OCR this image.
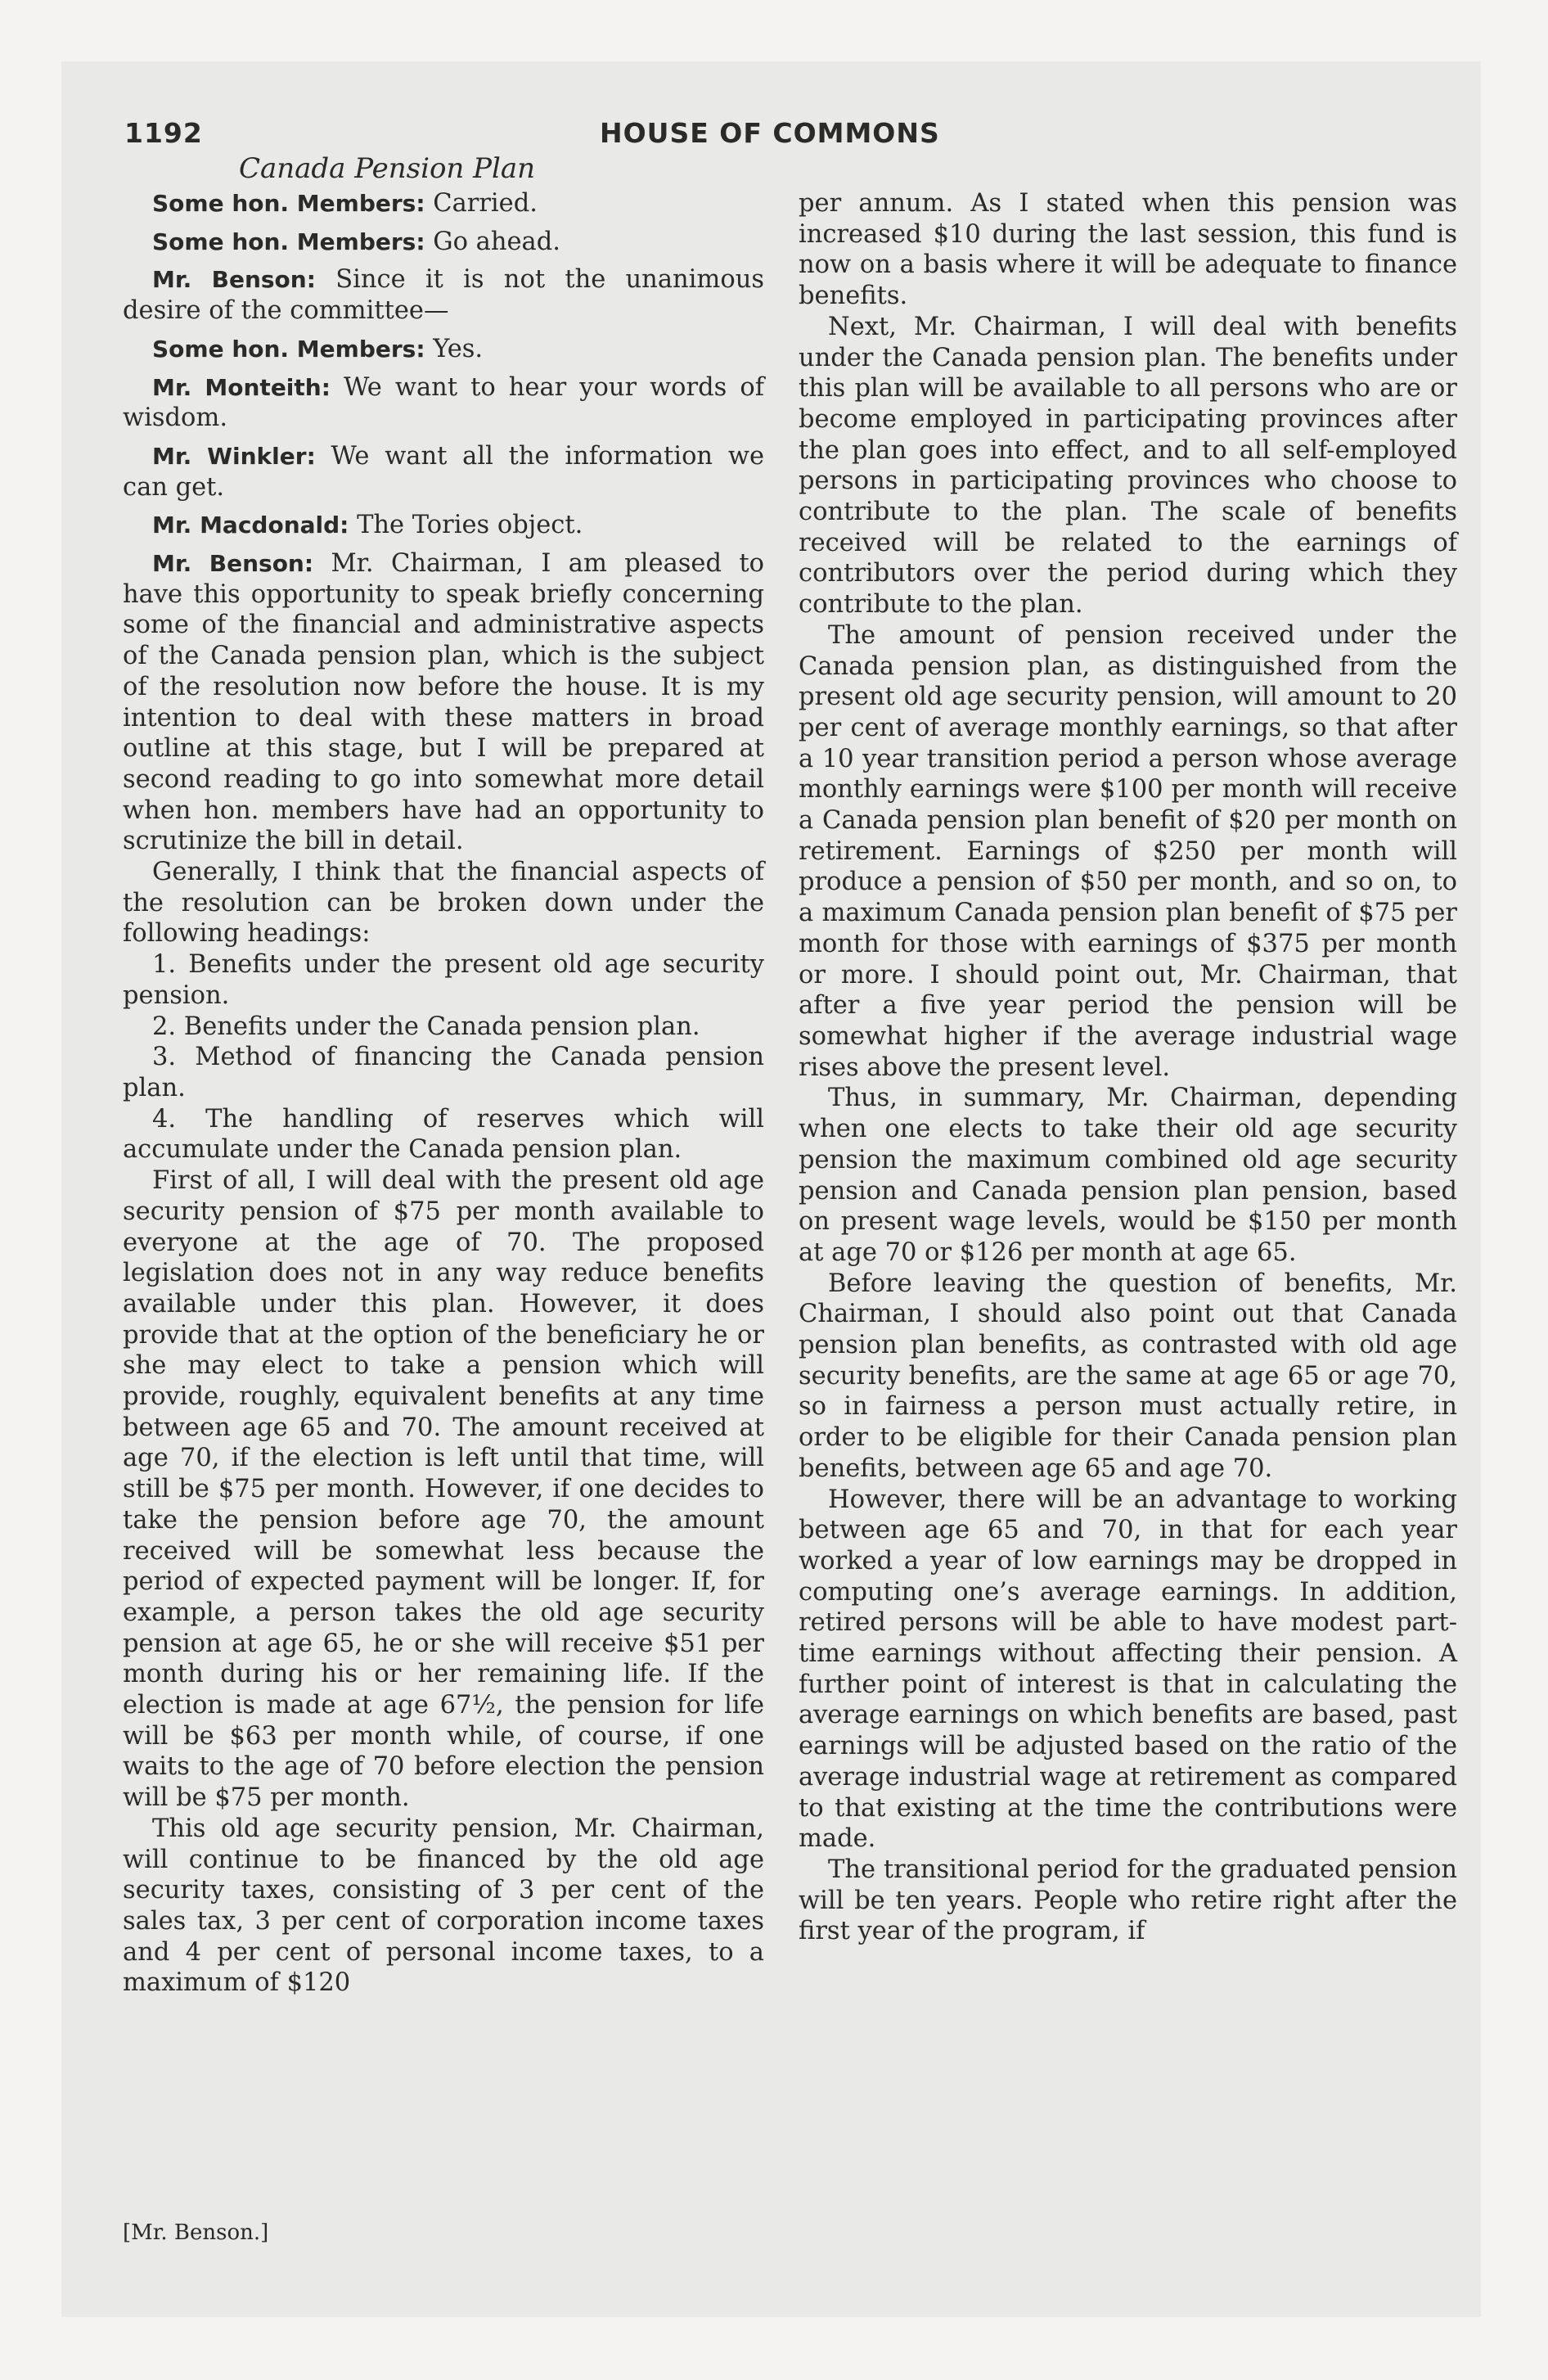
1192	HOUSE OF COMMONS
Canada Pension Plan

Some hon. Members: Carried.

Some hon. Members: Go ahead.

Mr. Benson: Since it is not the unanimous desire of the committee—

Some hon. Members: Yes.

Mr. Monteith: We want to hear your words of wisdom.

Mr. Winkler: We want all the information we can get.

Mr. Macdonald: The Tories object.

Mr. Benson: Mr. Chairman, I am pleased to have this opportunity to speak briefly concerning some of the financial and administrative aspects of the Canada pension plan, which is the subject of the resolution now before the house. It is my intention to deal with these matters in broad outline at this stage, but I will be prepared at second reading to go into somewhat more detail when hon. members have had an opportunity to scrutinize the bill in detail.

Generally, I think that the financial aspects of the resolution can be broken down under the following headings:

1. Benefits under the present old age security pension.

2. Benefits under the Canada pension plan.

3. Method of financing the Canada pension plan.

4. The handling of reserves which will accumulate under the Canada pension plan.

First of all, I will deal with the present old age security pension of $75 per month available to everyone at the age of 70. The proposed legislation does not in any way reduce benefits available under this plan. However, it does provide that at the option of the beneficiary he or she may elect to take a pension which will provide, roughly, equivalent benefits at any time between age 65 and 70. The amount received at age 70, if the election is left until that time, will still be $75 per month. However, if one decides to take the pension before age 70, the amount received will be somewhat less because the period of expected payment will be longer. If, for example, a person takes the old age security pension at age 65, he or she will receive $51 per month during his or her remaining life. If the election is made at age 67½, the pension for life will be $63 per month while, of course, if one waits to the age of 70 before election the pension will be $75 per month.

This old age security pension, Mr. Chairman, will continue to be financed by the old age security taxes, consisting of 3 per cent of the sales tax, 3 per cent of corporation income taxes and 4 per cent of personal income taxes, to a maximum of $120

per annum. As I stated when this pension was increased $10 during the last session, this fund is now on a basis where it will be adequate to finance benefits.

Next, Mr. Chairman, I will deal with benefits under the Canada pension plan. The benefits under this plan will be available to all persons who are or become employed in participating provinces after the plan goes into effect, and to all self-employed persons in participating provinces who choose to contribute to the plan. The scale of benefits received will be related to the earnings of contributors over the period during which they contribute to the plan.

The amount of pension received under the Canada pension plan, as distinguished from the present old age security pension, will amount to 20 per cent of average monthly earnings, so that after a 10 year transition period a person whose average monthly earnings were $100 per month will receive a Canada pension plan benefit of $20 per month on retirement. Earnings of $250 per month will produce a pension of $50 per month, and so on, to a maximum Canada pension plan benefit of $75 per month for those with earnings of $375 per month or more. I should point out, Mr. Chairman, that after a five year period the pension will be somewhat higher if the average industrial wage rises above the present level.

Thus, in summary, Mr. Chairman, depending when one elects to take their old age security pension the maximum combined old age security pension and Canada pension plan pension, based on present wage levels, would be $150 per month at age 70 or $126 per month at age 65.

Before leaving the question of benefits, Mr. Chairman, I should also point out that Canada pension plan benefits, as contrasted with old age security benefits, are the same at age 65 or age 70, so in fairness a person must actually retire, in order to be eligible for their Canada pension plan benefits, between age 65 and age 70.

However, there will be an advantage to working between age 65 and 70, in that for each year worked a year of low earnings may be dropped in computing one’s average earnings. In addition, retired persons will be able to have modest part-time earnings without affecting their pension. A further point of interest is that in calculating the average earnings on which benefits are based, past earnings will be adjusted based on the ratio of the average industrial wage at retirement as compared to that existing at the time the contributions were made.

The transitional period for the graduated pension will be ten years. People who retire right after the first year of the program, if

[Mr. Benson.]
